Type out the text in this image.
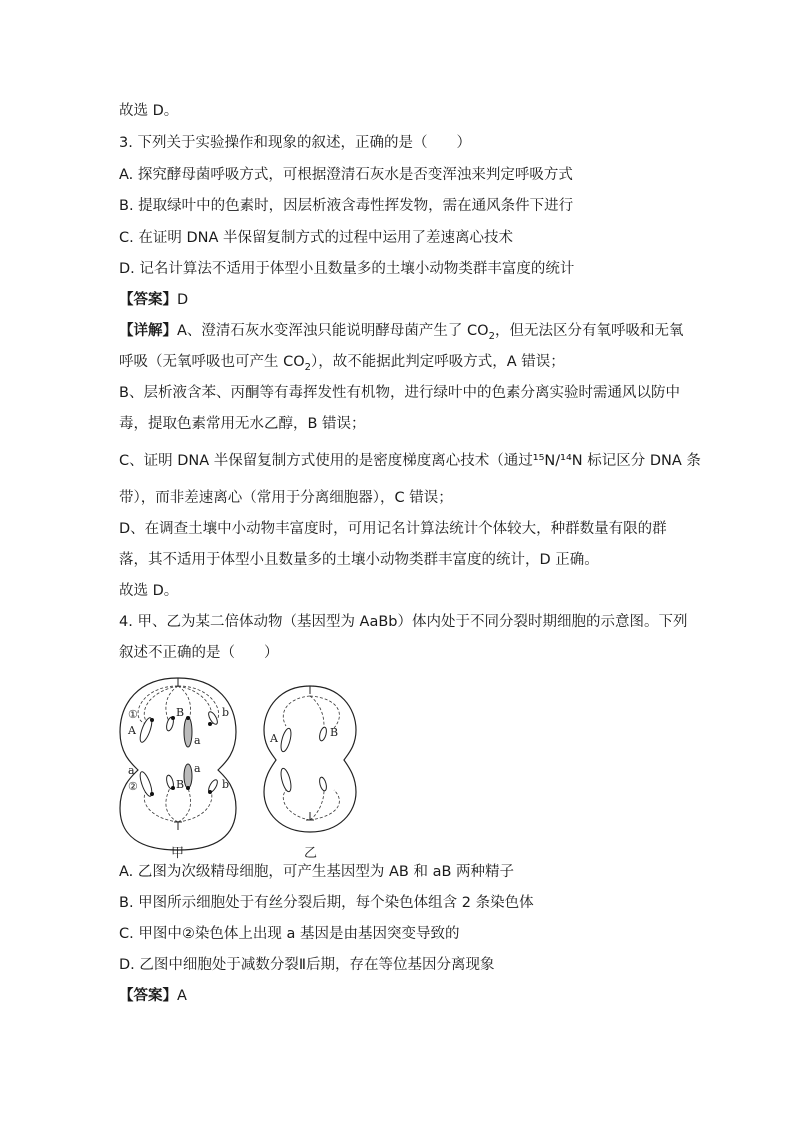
故选 D。
3. 下列关于实验操作和现象的叙述，正确的是（　　）
A. 探究酵母菌呼吸方式，可根据澄清石灰水是否变浑浊来判定呼吸方式
B. 提取绿叶中的色素时，因层析液含毒性挥发物，需在通风条件下进行
C. 在证明 DNA 半保留复制方式的过程中运用了差速离心技术
D. 记名计算法不适用于体型小且数量多的土壤小动物类群丰富度的统计
【答案】D
【详解】A、澄清石灰水变浑浊只能说明酵母菌产生了 $CO_2$，但无法区分有氧呼吸和无氧
呼吸（无氧呼吸也可产生 $CO_2$），故不能据此判定呼吸方式，A 错误；
B、层析液含苯、丙酮等有毒挥发性有机物，进行绿叶中的色素分离实验时需通风以防中
毒，提取色素常用无水乙醇，B 错误；
C、证明 DNA 半保留复制方式使用的是密度梯度离心技术（通过¹⁵N/¹⁴N 标记区分 DNA 条
带），而非差速离心（常用于分离细胞器），C 错误；
D、在调查土壤中小动物丰富度时，可用记名计算法统计个体较大，种群数量有限的群
落，其不适用于体型小且数量多的土壤小动物类群丰富度的统计，D 正确。
故选 D。
4. 甲、乙为某二倍体动物（基因型为 AaBb）体内处于不同分裂时期细胞的示意图。下列
叙述不正确的是（　　）
①
A
B
a
b
a
②	B
a
b
A	B
甲	乙
A. 乙图为次级精母细胞，可产生基因型为 AB 和 aB 两种精子
B. 甲图所示细胞处于有丝分裂后期，每个染色体组含 2 条染色体
C. 甲图中②染色体上出现 a 基因是由基因突变导致的
D. 乙图中细胞处于减数分裂Ⅱ后期，存在等位基因分离现象
【答案】A
